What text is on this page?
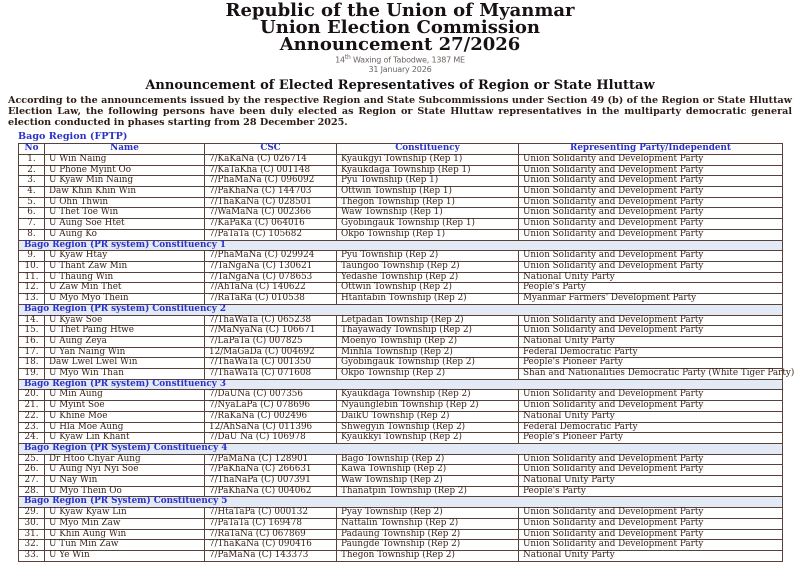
Republic of the Union of Myanmar
Union Election Commission
Announcement 27/2026
14th Waxing of Tabodwe, 1387 ME
31 January 2026
Announcement of Elected Representatives of Region or State Hluttaw

According to the announcements issued by the respective Region and State Subcommissions under Section 49 (b) of the Region or State Hluttaw Election Law, the following persons have been duly elected as Region or State Hluttaw representatives in the multiparty democratic general election conducted in phases starting from 28 December 2025.

Bago Region (FPTP)
No	Name	CSC	Constituency	Representing Party/Independent
1.	U Win Naing	7/KaKaNa (C) 026714	Kyaukgyi Township (Rep 1)	Union Solidarity and Development Party
2.	U Phone Myint Oo	7/KaTaKha (C) 001148	Kyaukdaga Township (Rep 1)	Union Solidarity and Development Party
3.	U Kyaw Min Naing	7/PhaMaNa (C) 096092	Pyu Township (Rep 1)	Union Solidarity and Development Party
4.	Daw Khin Khin Win	7/PaKhaNa (C) 144703	Ottwin Township (Rep 1)	Union Solidarity and Development Party
5.	U Ohn Thwin	7/ThaKaNa (C) 028501	Thegon Township (Rep 1)	Union Solidarity and Development Party
6.	U Thet Toe Win	7/WaMaNa (C) 002366	Waw Township (Rep 1)	Union Solidarity and Development Party
7.	U Aung Soe Htet	7/KaPaKa (C) 064016	Gyobingauk Township (Rep 1)	Union Solidarity and Development Party
8.	U Aung Ko	7/PaTaTa (C) 105682	Okpo Township (Rep 1)	Union Solidarity and Development Party
Bago Region (PR system) Constituency 1				
9.	U Kyaw Htay	7/PhaMaNa (C) 029924	Pyu Township (Rep 2)	Union Solidarity and Development Party
10.	U Thant Zaw Min	7/TaNgaNa (C) 130621	Taungoo Township (Rep 2)	Union Solidarity and Development Party
11.	U Thaung Win	7/TaNgaNa (C) 078653	Yedashe Township (Rep 2)	National Unity Party
12.	U Zaw Min Thet	7/AhTaNa (C) 140622	Ottwin Township (Rep 2)	People's Party
13.	U Myo Myo Thein	7/RaTaRa (C) 010538	Htantabin Township (Rep 2)	Myanmar Farmers' Development Party
Bago Region (PR system) Constituency 2				
14.	U Kyaw Soe	7/ThaWaTa (C) 065238	Letpadan Township (Rep 2)	Union Solidarity and Development Party
15.	U Thet Paing Htwe	7/MaNyaNa (C) 106671	Thayawady Township (Rep 2)	Union Solidarity and Development Party
16.	U Aung Zeya	7/LaPaTa (C) 007825	Moenyo Township (Rep 2)	National Unity Party
17.	U Yan Naing Win	12/MaGaDa (C) 004692	Minhla Township (Rep 2)	Federal Democratic Party
18.	Daw Lwel Lwel Win	7/ThaWaTa (C) 001350	Gyobingauk Township (Rep 2)	People's Pioneer Party
19.	U Myo Win Than	7/ThaWaTa (C) 071608	Okpo Township (Rep 2)	Shan and Nationalities Democratic Party (White Tiger Party)
Bago Region (PR system) Constituency 3				
20.	U Min Aung	7/DaUNa (C) 007356	Kyaukdaga Township (Rep 2)	Union Solidarity and Development Party
21.	U Myint Soe	7/NyaLaPa (C) 078696	Nyaunglebin Township (Rep 2)	Union Solidarity and Development Party
22.	U Khine Moe	7/RaKaNa (C) 002496	DaikU Township (Rep 2)	National Unity Party
23.	U Hla Moe Aung	12/AhSaNa (C) 011396	Shwegyin Township (Rep 2)	Federal Democratic Party
24.	U Kyaw Lin Khant	7/DaU Na (C) 106978	Kyaukkyi Township (Rep 2)	People's Pioneer Party
Bago Region (PR System) Constituency 4				
25.	Dr Htoo Chyar Aung	7/PaMaNa (C) 128901	Bago Township (Rep 2)	Union Solidarity and Development Party
26.	U Aung Nyi Nyi Soe	7/PaKhaNa (C) 266631	Kawa Township (Rep 2)	Union Solidarity and Development Party
27.	U Nay Win	7/ThaNaPa (C) 007391	Waw Township (Rep 2)	National Unity Party
28.	U Myo Thein Oo	7/PaKhaNa (C) 004062	Thanatpin Township (Rep 2)	People's Party
Bago Region (PR System) Constituency 5				
29.	U Kyaw Kyaw Lin	7/HtaTaPa (C) 000132	Pyay Township (Rep 2)	Union Solidarity and Development Party
30.	U Myo Min Zaw	7/PaTaTa (C) 169478	Nattalin Township (Rep 2)	Union Solidarity and Development Party
31.	U Khin Aung Win	7/RaTaNa (C) 067869	Padaung Township (Rep 2)	Union Solidarity and Development Party
32.	U Tun Min Zaw	7/ThaKaNa (C) 090416	Paungde Township (Rep 2)	Union Solidarity and Development Party
33.	U Ye Win	7/PaMaNa (C) 143373	Thegon Township (Rep 2)	National Unity Party
